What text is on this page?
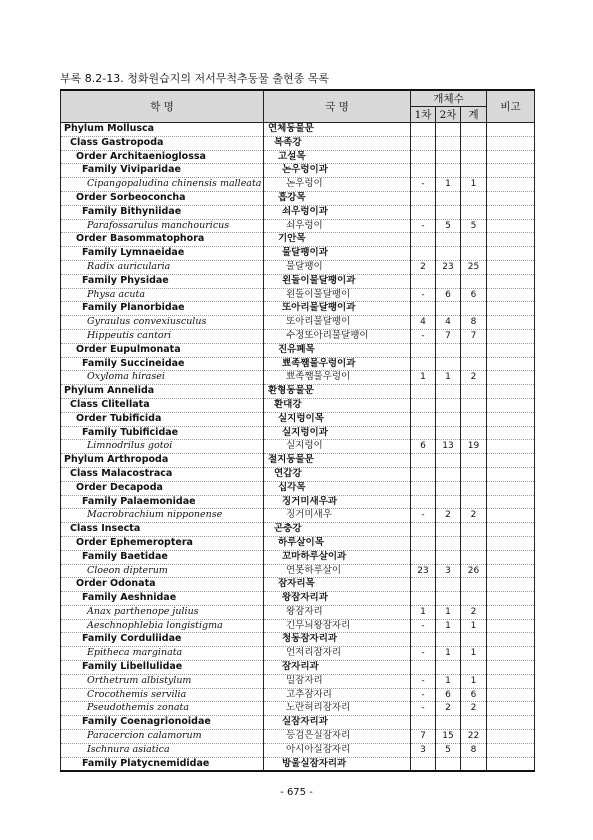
부록 8.2-13. 청화원습지의 저서무척추동물 출현종 목록
학 명	국 명	개체수			비고
		1차	2차	계	
Phylum Mollusca	연체동물문				
Class Gastropoda	복족강				
Order Architaenioglossa	고설목				
Family Viviparidae	논우렁이과				
Cipangopaludina chinensis malleata	논우렁이	-	1	1	
Order Sorbeoconcha	흡강목				
Family Bithyniidae	쇠우렁이과				
Parafossarulus manchouricus	쇠우렁이	-	5	5	
Order Basommatophora	기안목				
Family Lymnaeidae	물달팽이과				
Radix auricularia	물달팽이	2	23	25	
Family Physidae	왼돌이물달팽이과				
Physa acuta	왼돌이물달팽이	-	6	6	
Family Planorbidae	또아리물달팽이과				
Gyraulus convexiusculus	또아리물달팽이	4	4	8	
Hippeutis cantori	수정또아리물달팽이	-	7	7	
Order Eupulmonata	진유폐목				
Family Succineidae	뾰족쨈물우렁이과				
Oxyloma hirasei	뾰족쨈물우렁이	1	1	2	
Phylum Annelida	환형동물문				
Class Clitellata	환대강				
Order Tubificida	실지렁이목				
Family Tubificidae	실지렁이과				
Limnodrilus gotoi	실지렁이	6	13	19	
Phylum Arthropoda	절지동물문				
Class Malacostraca	연갑강				
Order Decapoda	십각목				
Family Palaemonidae	징거미새우과				
Macrobrachium nipponense	징거미새우	-	2	2	
Class Insecta	곤충강				
Order Ephemeroptera	하루살이목				
Family Baetidae	꼬마하루살이과				
Cloeon dipterum	연못하루살이	23	3	26	
Order Odonata	잠자리목				
Family Aeshnidae	왕잠자리과				
Anax parthenope julius	왕잠자리	1	1	2	
Aeschnophlebia longistigma	긴무늬왕잠자리	-	1	1	
Family Corduliidae	청동잠자리과				
Epitheca marginata	언저리잠자리	-	1	1	
Family Libellulidae	잠자리과				
Orthetrum albistylum	밀잠자리	-	1	1	
Crocothemis servilia	고추잠자리	-	6	6	
Pseudothemis zonata	노란허리잠자리	-	2	2	
Family Coenagrionoidae	실잠자리과				
Paracercion calamorum	등검은실잠자리	7	15	22	
Ischnura asiatica	아시아실잠자리	3	5	8	
Family Platycnemididae	방울실잠자리과				
- 675 -
